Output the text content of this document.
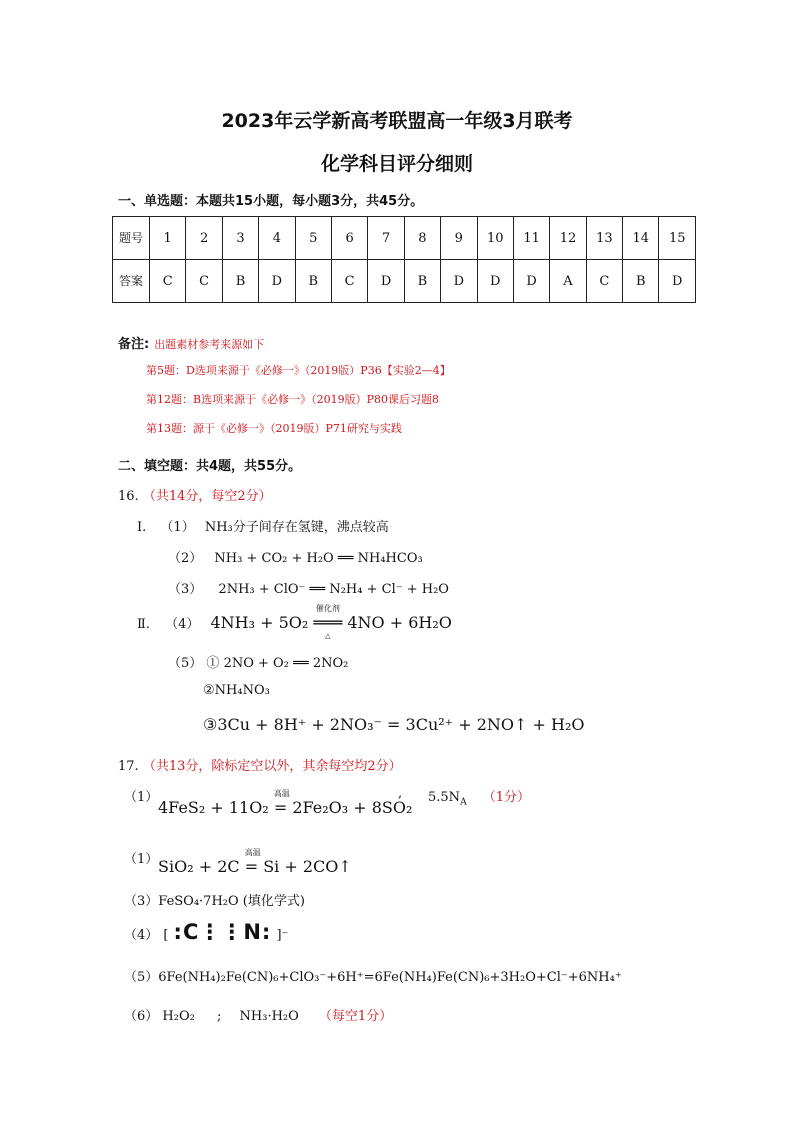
2023年云学新高考联盟高一年级3月联考
化学科目评分细则
一、单选题：本题共15小题，每小题3分，共45分。
题号	1	2	3	4	5	6	7	8	9	10	11	12	13	14	15
答案	C	C	B	D	B	C	D	B	D	D	D	A	C	B	D
备注: 出题素材参考来源如下
第5题：D选项来源于《必修一》（2019版）P36【实验2—4】
第12题：B选项来源于《必修一》（2019版）P80课后习题8
第13题：源于《必修一》（2019版）P71研究与实践
二、填空题：共4题，共55分。
16. （共14分，每空2分）
Ⅰ. （1） NH₃分子间存在氢键，沸点较高
（2） NH₃ + CO₂ + H₂O ══ NH₄HCO₃
（3） 2NH₃ + ClO⁻ ══ N₂H₄ + Cl⁻ + H₂O
Ⅱ. （4） 4NH₃ + 5O₂ ═══
催化剂
△
4NO + 6H₂O
（5） ① 2NO + O₂ ══ 2NO₂
②NH₄NO₃
③3Cu + 8H⁺ + 2NO₃⁻ = 3Cu²⁺ + 2NO↑ + H₂O
17. （共13分，除标定空以外，其余每空均2分）
（1）
4FeS₂ + 11O₂ =
高温
2Fe₂O₃ + 8SO₂
, $5.5N_A$ （1分）
（1） SiO₂ + 2C =
高温
Si + 2CO↑
（3）FeSO₄·7H₂O (填化学式)
（4） [ :C⋮⋮N: ]⁻
（5）6Fe(NH₄)₂Fe(CN)₆+ClO₃⁻+6H⁺=6Fe(NH₄)Fe(CN)₆+3H₂O+Cl⁻+6NH₄⁺
（6） H₂O₂ ; NH₃·H₂O （每空1分）
